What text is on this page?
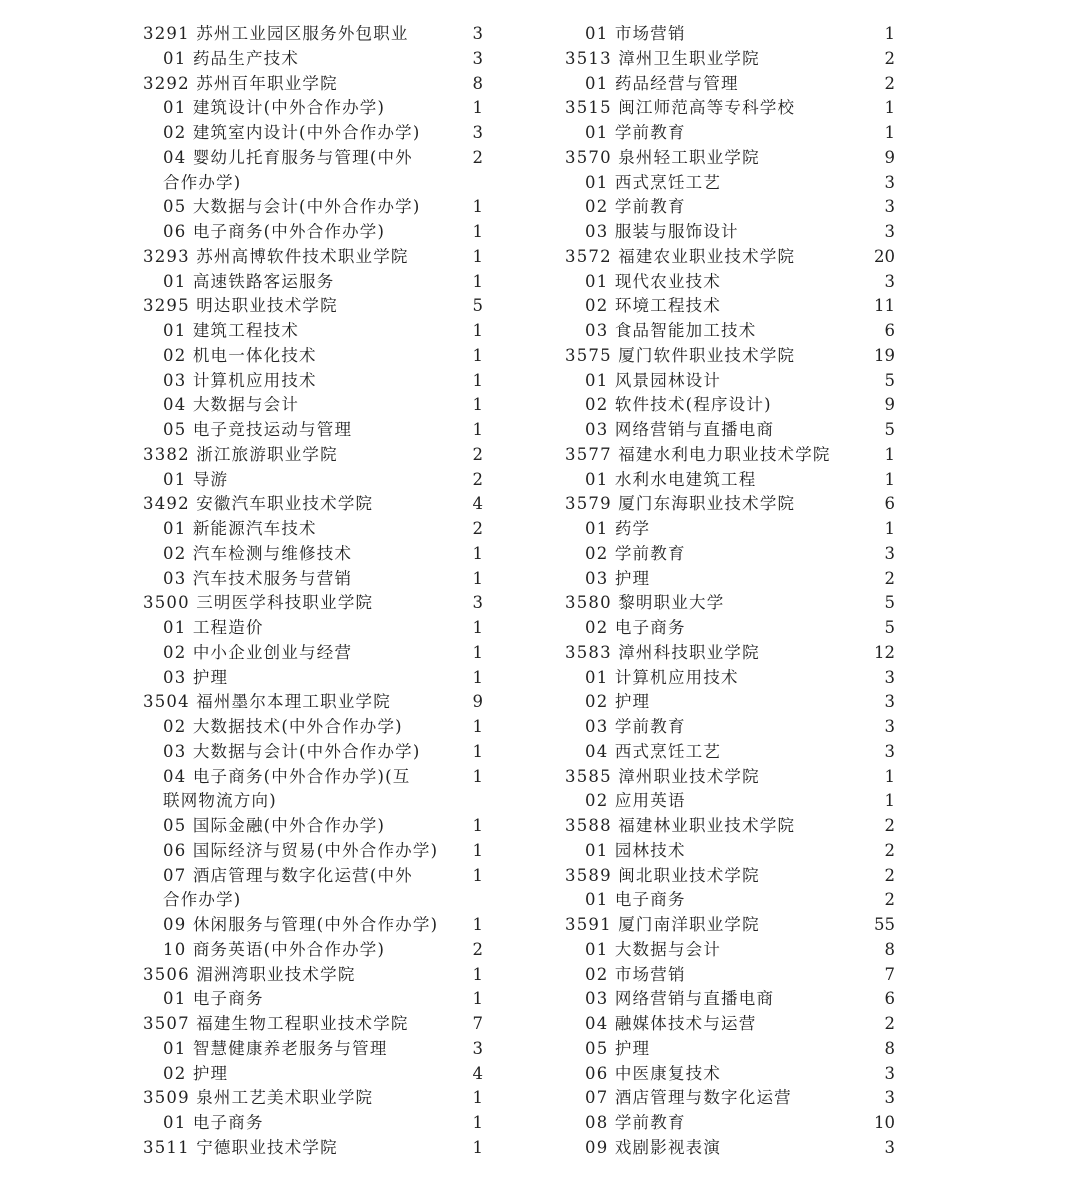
3291 苏州工业园区服务外包职业	3
01 药品生产技术	3
3292 苏州百年职业学院	8
01 建筑设计(中外合作办学)	1
02 建筑室内设计(中外合作办学)	3
04 婴幼儿托育服务与管理(中外	2
合作办学)
05 大数据与会计(中外合作办学)	1
06 电子商务(中外合作办学)	1
3293 苏州高博软件技术职业学院	1
01 高速铁路客运服务	1
3295 明达职业技术学院	5
01 建筑工程技术	1
02 机电一体化技术	1
03 计算机应用技术	1
04 大数据与会计	1
05 电子竞技运动与管理	1
3382 浙江旅游职业学院	2
01 导游	2
3492 安徽汽车职业技术学院	4
01 新能源汽车技术	2
02 汽车检测与维修技术	1
03 汽车技术服务与营销	1
3500 三明医学科技职业学院	3
01 工程造价	1
02 中小企业创业与经营	1
03 护理	1
3504 福州墨尔本理工职业学院	9
02 大数据技术(中外合作办学)	1
03 大数据与会计(中外合作办学)	1
04 电子商务(中外合作办学)(互	1
联网物流方向)
05 国际金融(中外合作办学)	1
06 国际经济与贸易(中外合作办学) 1
07 酒店管理与数字化运营(中外	1
合作办学)
09 休闲服务与管理(中外合作办学) 1
10 商务英语(中外合作办学)	2
3506 湄洲湾职业技术学院	1
01 电子商务	1
3507 福建生物工程职业技术学院	7
01 智慧健康养老服务与管理	3
02 护理	4
3509 泉州工艺美术职业学院	1
01 电子商务	1
3511 宁德职业技术学院	1
01 市场营销	1
3513 漳州卫生职业学院	2
01 药品经营与管理	2
3515 闽江师范高等专科学校	1
01 学前教育	1
3570 泉州轻工职业学院	9
01 西式烹饪工艺	3
02 学前教育	3
03 服装与服饰设计	3
3572 福建农业职业技术学院	20
01 现代农业技术	3
02 环境工程技术	11
03 食品智能加工技术	6
3575 厦门软件职业技术学院	19
01 风景园林设计	5
02 软件技术(程序设计)	9
03 网络营销与直播电商	5
3577 福建水利电力职业技术学院	1
01 水利水电建筑工程	1
3579 厦门东海职业技术学院	6
01 药学	1
02 学前教育	3
03 护理	2
3580 黎明职业大学	5
02 电子商务	5
3583 漳州科技职业学院	12
01 计算机应用技术	3
02 护理	3
03 学前教育	3
04 西式烹饪工艺	3
3585 漳州职业技术学院	1
02 应用英语	1
3588 福建林业职业技术学院	2
01 园林技术	2
3589 闽北职业技术学院	2
01 电子商务	2
3591 厦门南洋职业学院	55
01 大数据与会计	8
02 市场营销	7
03 网络营销与直播电商	6
04 融媒体技术与运营	2
05 护理	8
06 中医康复技术	3
07 酒店管理与数字化运营	3
08 学前教育	10
09 戏剧影视表演	3
